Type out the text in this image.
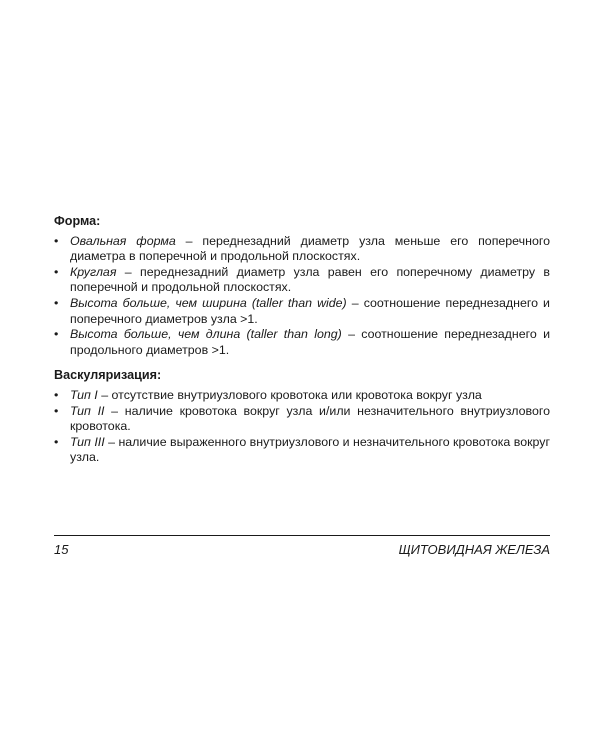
Форма:
• Овальная форма – переднезадний диаметр узла меньше его поперечного диаметра в поперечной и продольной плоскостях.
• Круглая – переднезадний диаметр узла равен его поперечному диаметру в поперечной и продольной плоскостях.
• Высота больше, чем ширина (taller than wide) – соотношение переднезаднего и поперечного диаметров узла >1.
• Высота больше, чем длина (taller than long) – соотношение переднезаднего и продольного диаметров >1.
Васкуляризация:
• Тип I – отсутствие внутриузлового кровотока или кровотока вокруг узла
• Тип II – наличие кровотока вокруг узла и/или незначительного внутриузлового кровотока.
• Тип III – наличие выраженного внутриузлового и незначительного кровотока вокруг узла.
15	ЩИТОВИДНАЯ ЖЕЛЕЗА
